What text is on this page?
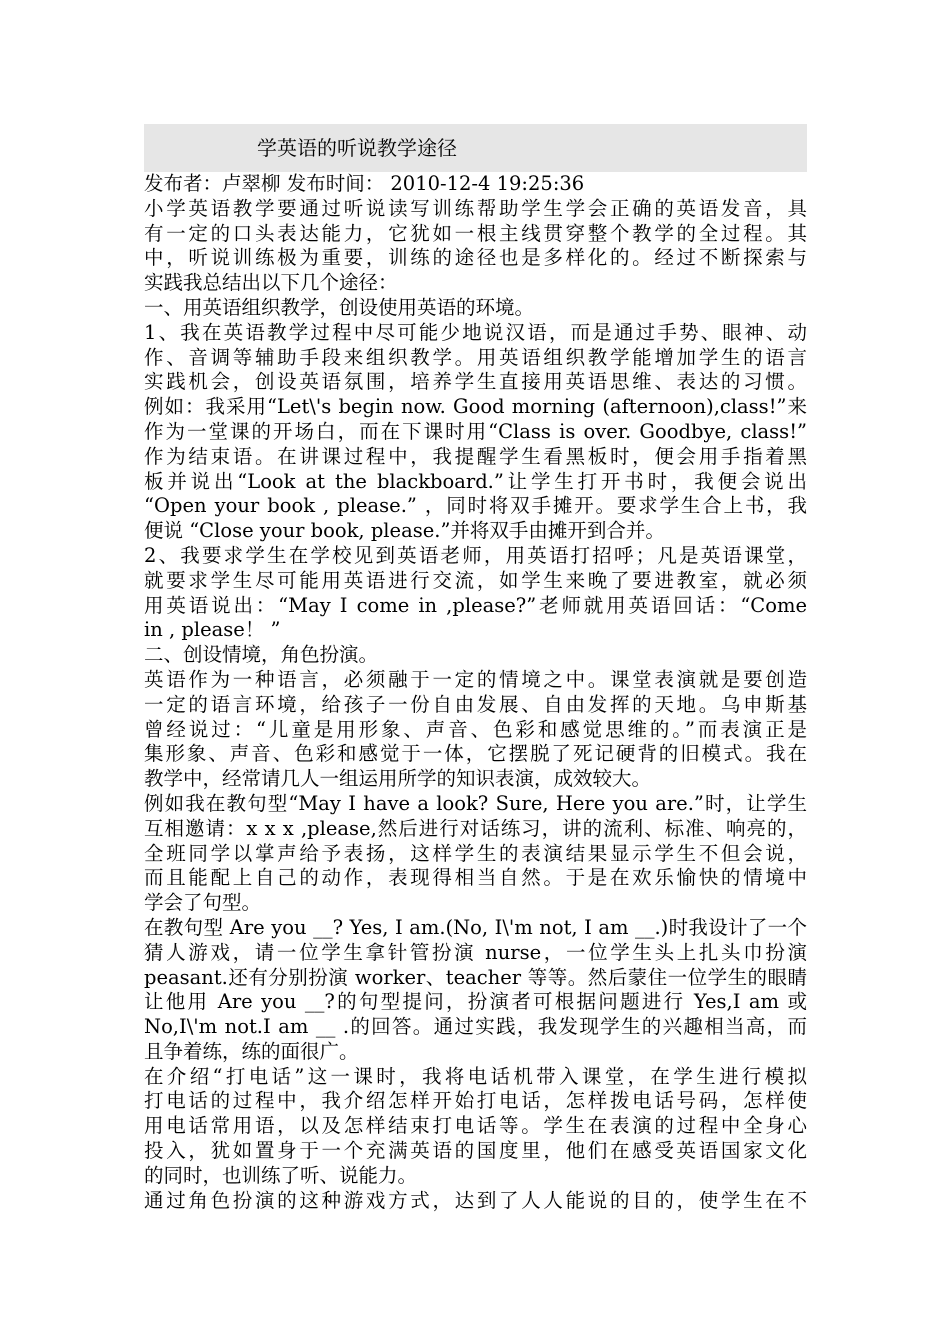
学英语的听说教学途径
发布者：卢翠柳 发布时间： 2010-12-4 19:25:36
小学英语教学要通过听说读写训练帮助学生学会正确的英语发音，具
有一定的口头表达能力，它犹如一根主线贯穿整个教学的全过程。其
中，听说训练极为重要，训练的途径也是多样化的。经过不断探索与
实践我总结出以下几个途径：
一、用英语组织教学，创设使用英语的环境。
1、我在英语教学过程中尽可能少地说汉语，而是通过手势、眼神、动
作、音调等辅助手段来组织教学。用英语组织教学能增加学生的语言
实践机会，创设英语氛围，培养学生直接用英语思维、表达的习惯。
例如：我采用“Let\'s begin now. Good morning (afternoon),class!”来
作为一堂课的开场白，而在下课时用“Class is over. Goodbye, class!”
作为结束语。在讲课过程中，我提醒学生看黑板时，便会用手指着黑
板并说出“Look at the blackboard.”让学生打开书时，我便会说出
“Open your book , please.” ，同时将双手摊开。要求学生合上书，我
便说 “Close your book, please.”并将双手由摊开到合并。
2、我要求学生在学校见到英语老师，用英语打招呼；凡是英语课堂，
就要求学生尽可能用英语进行交流，如学生来晚了要进教室，就必须
用英语说出：“May I come in ,please?”老师就用英语回话：“Come
in , please！ ”
二、创设情境，角色扮演。
英语作为一种语言，必须融于一定的情境之中。课堂表演就是要创造
一定的语言环境，给孩子一份自由发展、自由发挥的天地。乌申斯基
曾经说过：“儿童是用形象、声音、色彩和感觉思维的。”而表演正是
集形象、声音、色彩和感觉于一体，它摆脱了死记硬背的旧模式。我在
教学中，经常请几人一组运用所学的知识表演，成效较大。
例如我在教句型“May I have a look? Sure, Here you are.”时，让学生
互相邀请：x x x ,please,然后进行对话练习，讲的流利、标准、响亮的，
全班同学以掌声给予表扬，这样学生的表演结果显示学生不但会说，
而且能配上自己的动作，表现得相当自然。于是在欢乐愉快的情境中
学会了句型。
在教句型 Are you __? Yes, I am.(No, I\'m not, I am __.)时我设计了一个
猜人游戏，请一位学生拿针管扮演 nurse，一位学生头上扎头巾扮演
peasant.还有分别扮演 worker、teacher 等等。然后蒙住一位学生的眼睛
让他用 Are you __?的句型提问，扮演者可根据问题进行 Yes,I am 或
No,I\'m not.I am __ .的回答。通过实践，我发现学生的兴趣相当高，而
且争着练，练的面很广。
在介绍“打电话”这一课时，我将电话机带入课堂，在学生进行模拟
打电话的过程中，我介绍怎样开始打电话，怎样拨电话号码，怎样使
用电话常用语，以及怎样结束打电话等。学生在表演的过程中全身心
投入，犹如置身于一个充满英语的国度里，他们在感受英语国家文化
的同时，也训练了听、说能力。
通过角色扮演的这种游戏方式，达到了人人能说的目的，使学生在不
